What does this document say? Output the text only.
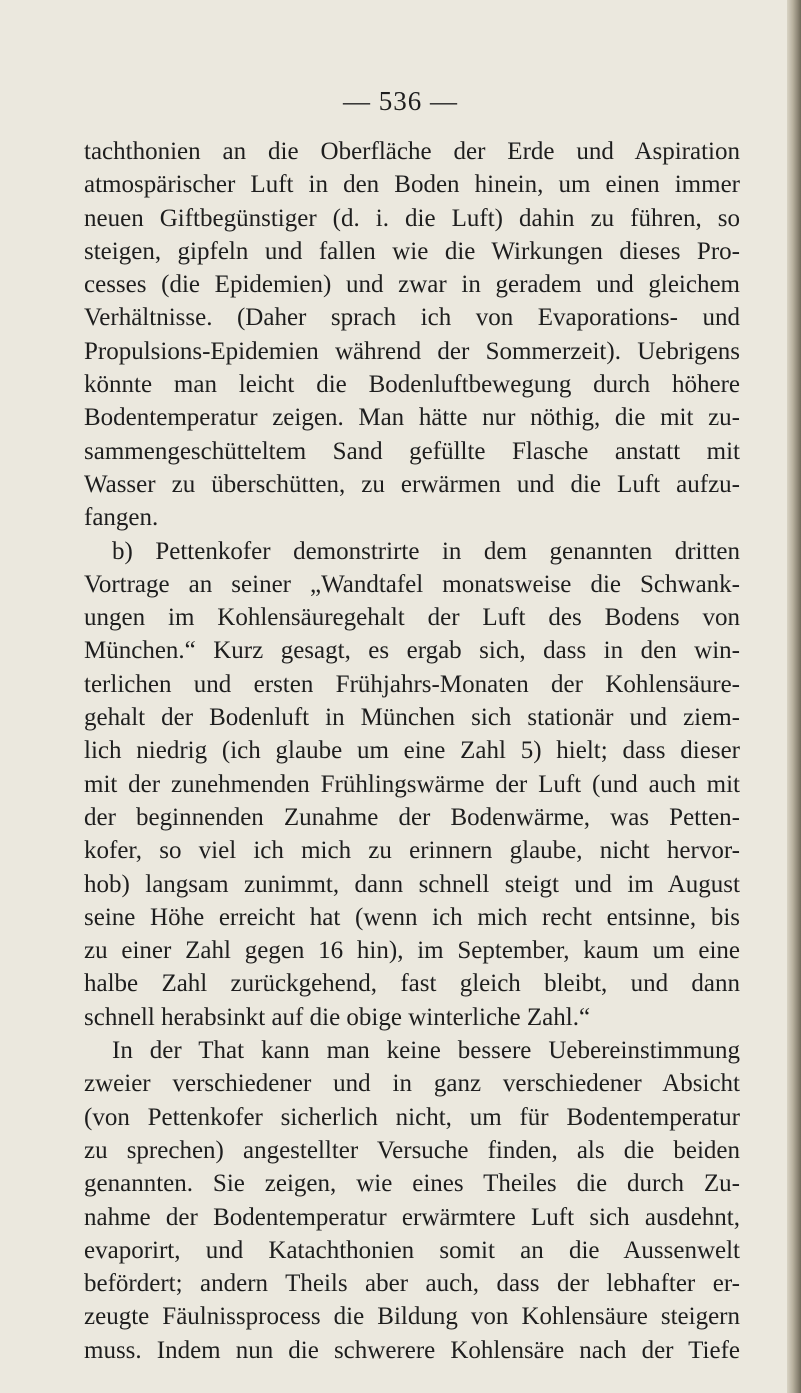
— 536 —
tachthonien an die Oberfläche der Erde und Aspiration
atmospärischer Luft in den Boden hinein, um einen immer
neuen Giftbegünstiger (d. i. die Luft) dahin zu führen, so
steigen, gipfeln und fallen wie die Wirkungen dieses Pro-
cesses (die Epidemien) und zwar in geradem und gleichem
Verhältnisse. (Daher sprach ich von Evaporations- und
Propulsions-Epidemien während der Sommerzeit). Uebrigens
könnte man leicht die Bodenluftbewegung durch höhere
Bodentemperatur zeigen. Man hätte nur nöthig, die mit zu-
sammengeschütteltem Sand gefüllte Flasche anstatt mit
Wasser zu überschütten, zu erwärmen und die Luft aufzu-
fangen.
b) Pettenkofer demonstrirte in dem genannten dritten
Vortrage an seiner „Wandtafel monatsweise die Schwank-
ungen im Kohlensäuregehalt der Luft des Bodens von
München.“ Kurz gesagt, es ergab sich, dass in den win-
terlichen und ersten Frühjahrs-Monaten der Kohlensäure-
gehalt der Bodenluft in München sich stationär und ziem-
lich niedrig (ich glaube um eine Zahl 5) hielt; dass dieser
mit der zunehmenden Frühlingswärme der Luft (und auch mit
der beginnenden Zunahme der Bodenwärme, was Petten-
kofer, so viel ich mich zu erinnern glaube, nicht hervor-
hob) langsam zunimmt, dann schnell steigt und im August
seine Höhe erreicht hat (wenn ich mich recht entsinne, bis
zu einer Zahl gegen 16 hin), im September, kaum um eine
halbe Zahl zurückgehend, fast gleich bleibt, und dann
schnell herabsinkt auf die obige winterliche Zahl.“
In der That kann man keine bessere Uebereinstimmung
zweier verschiedener und in ganz verschiedener Absicht
(von Pettenkofer sicherlich nicht, um für Bodentemperatur
zu sprechen) angestellter Versuche finden, als die beiden
genannten. Sie zeigen, wie eines Theiles die durch Zu-
nahme der Bodentemperatur erwärmtere Luft sich ausdehnt,
evaporirt, und Katachthonien somit an die Aussenwelt
befördert; andern Theils aber auch, dass der lebhafter er-
zeugte Fäulnissprocess die Bildung von Kohlensäure steigern
muss. Indem nun die schwerere Kohlensäre nach der Tiefe
